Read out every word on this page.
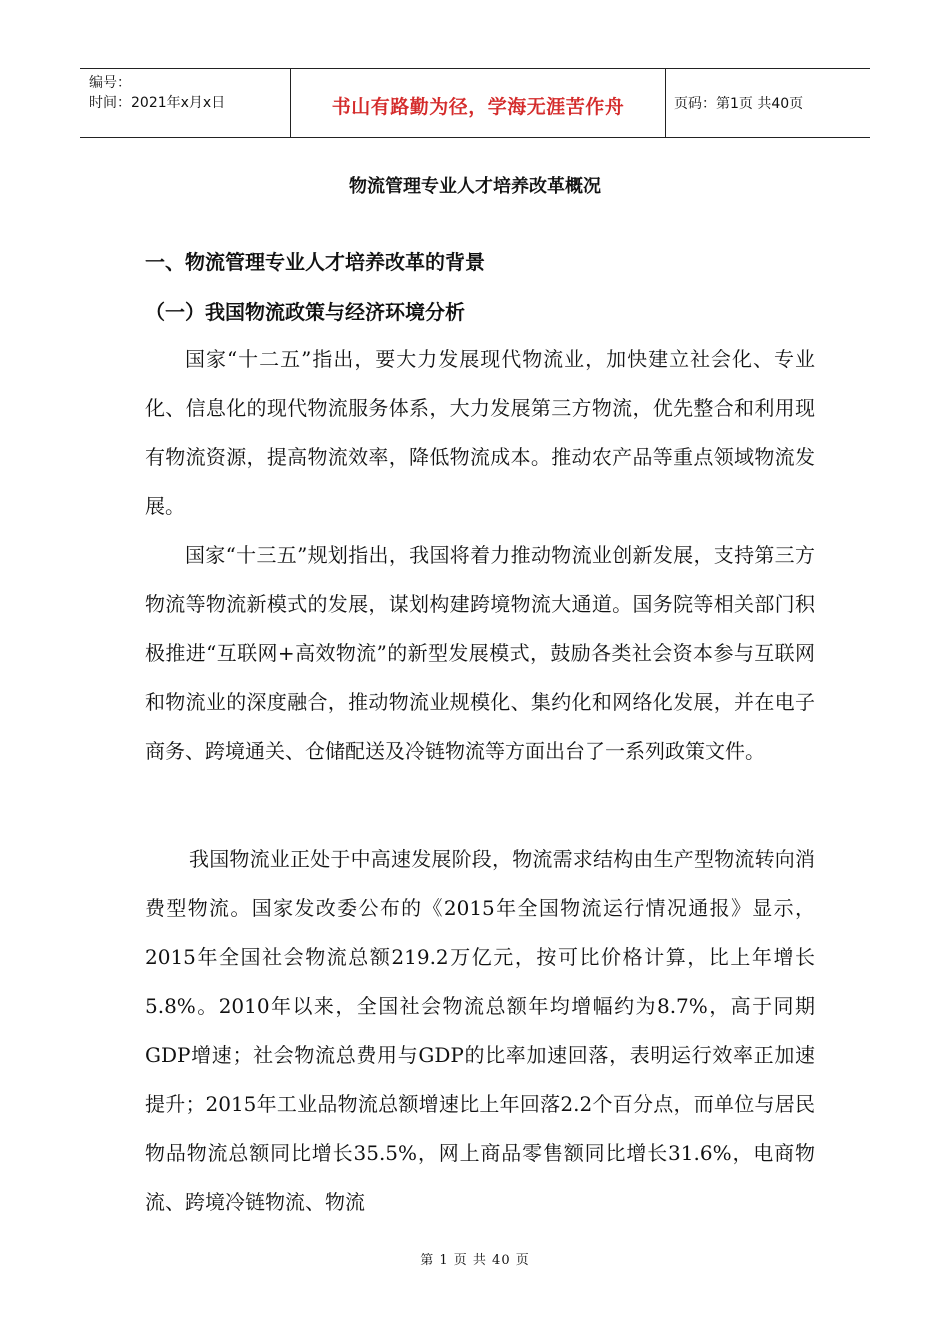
编号：
时间：2021年x月x日	书山有路勤为径，学海无涯苦作舟	页码：第1页 共40页
物流管理专业人才培养改革概况
一、物流管理专业人才培养改革的背景
（一）我国物流政策与经济环境分析

国家“十二五”指出，要大力发展现代物流业，加快建立社会化、专业化、信息化的现代物流服务体系，大力发展第三方物流，优先整合和利用现有物流资源，提高物流效率，降低物流成本。推动农产品等重点领域物流发展。

国家“十三五”规划指出，我国将着力推动物流业创新发展，支持第三方物流等物流新模式的发展，谋划构建跨境物流大通道。国务院等相关部门积极推进“互联网+高效物流”的新型发展模式，鼓励各类社会资本参与互联网和物流业的深度融合，推动物流业规模化、集约化和网络化发展，并在电子商务、跨境通关、仓储配送及冷链物流等方面出台了一系列政策文件。

我国物流业正处于中高速发展阶段，物流需求结构由生产型物流转向消费型物流。国家发改委公布的《2015年全国物流运行情况通报》显示，2015年全国社会物流总额219.2万亿元，按可比价格计算，比上年增长5.8%。2010年以来，全国社会物流总额年均增幅约为8.7%，高于同期GDP增速；社会物流总费用与GDP的比率加速回落，表明运行效率正加速提升；2015年工业品物流总额增速比上年回落2.2个百分点，而单位与居民物品物流总额同比增长35.5%，网上商品零售额同比增长31.6%，电商物流、跨境冷链物流、物流

第 1 页 共 40 页
